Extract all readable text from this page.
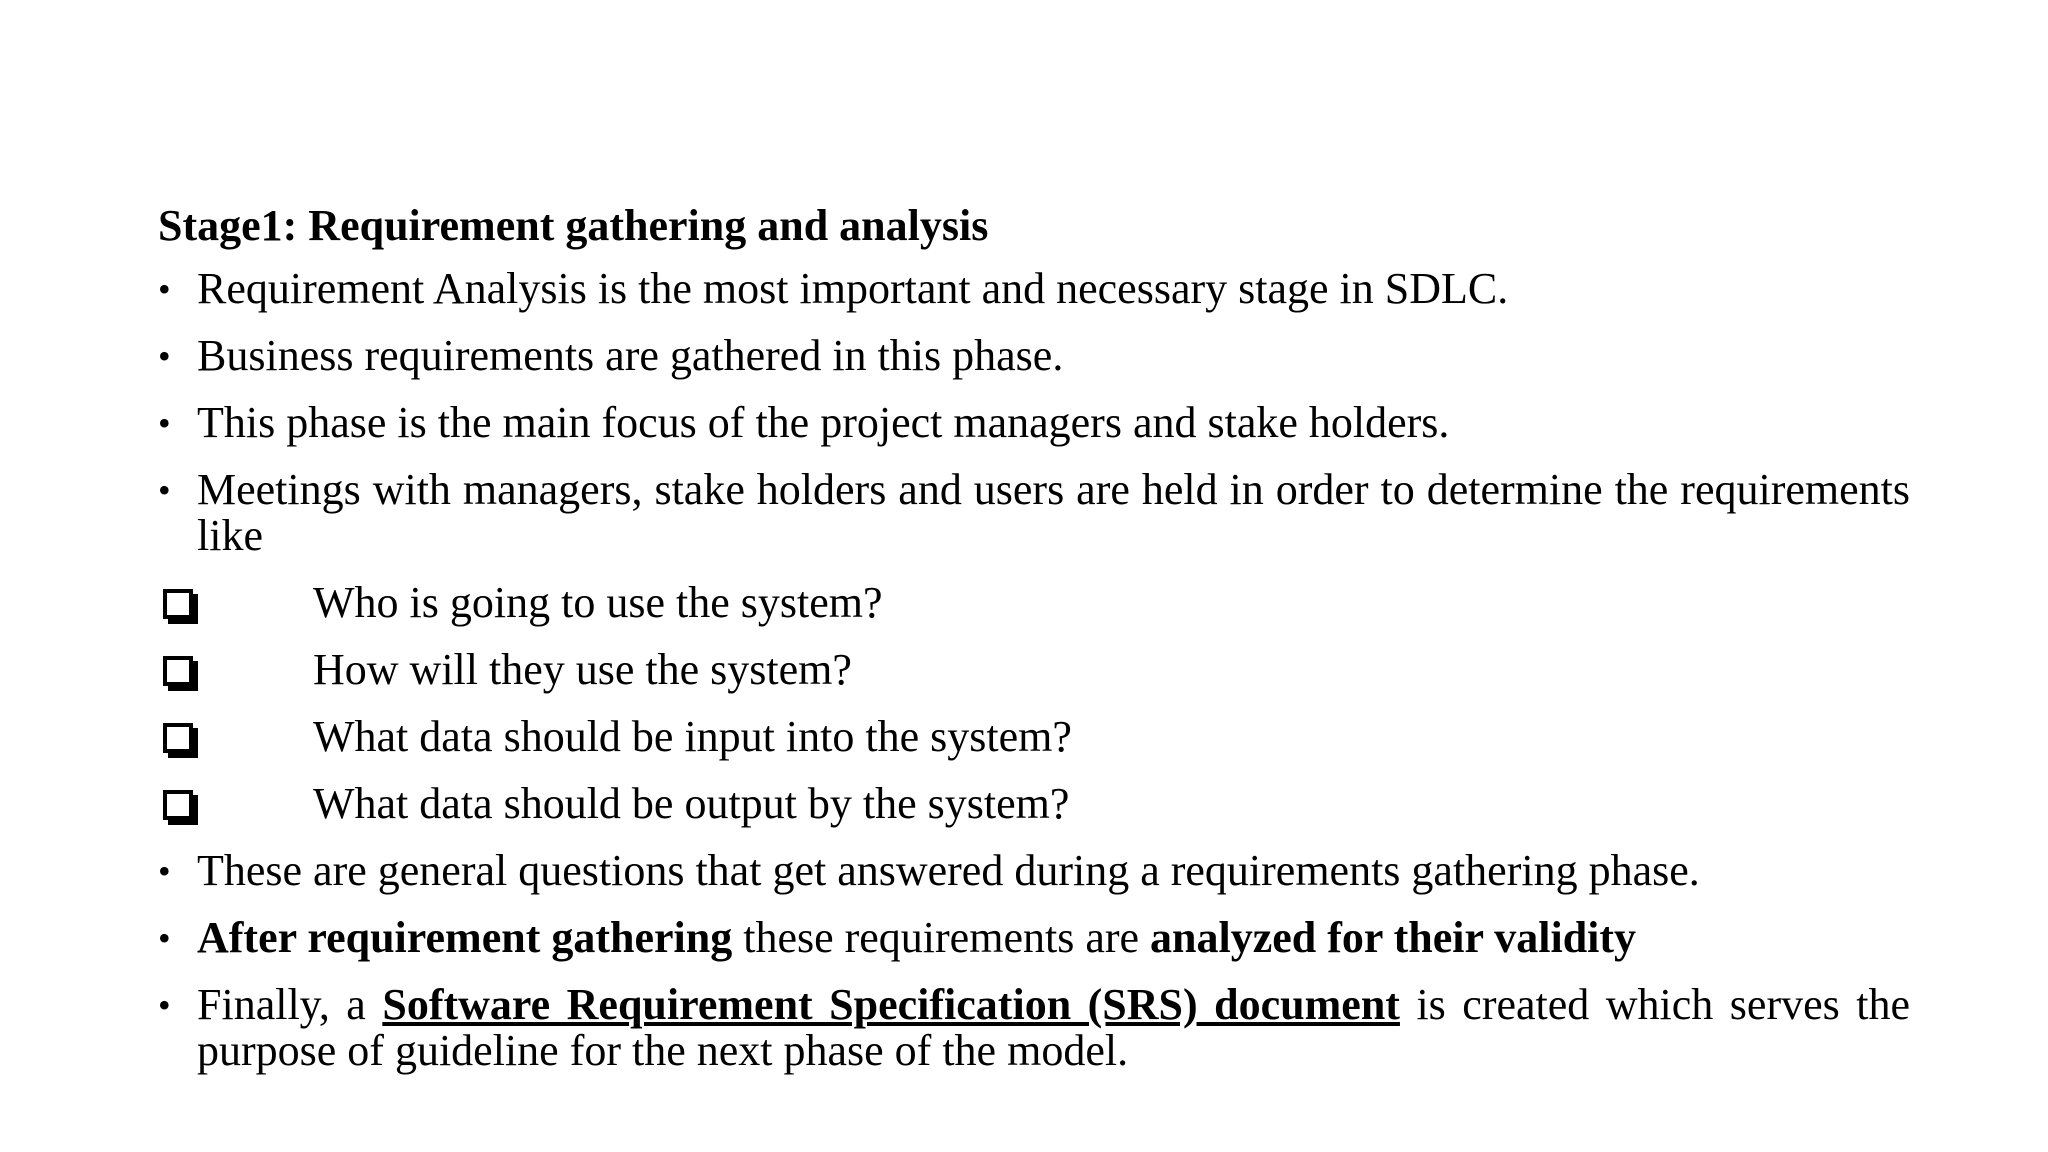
Stage1: Requirement gathering and analysis
• Requirement Analysis is the most important and necessary stage in SDLC.
• Business requirements are gathered in this phase.
• This phase is the main focus of the project managers and stake holders.
• Meetings with managers, stake holders and users are held in order to determine the requirements like
Who is going to use the system?
How will they use the system?
What data should be input into the system?
What data should be output by the system?
• These are general questions that get answered during a requirements gathering phase.
• After requirement gathering these requirements are analyzed for their validity
• Finally, a Software Requirement Specification (SRS) document is created which serves the purpose of guideline for the next phase of the model.
